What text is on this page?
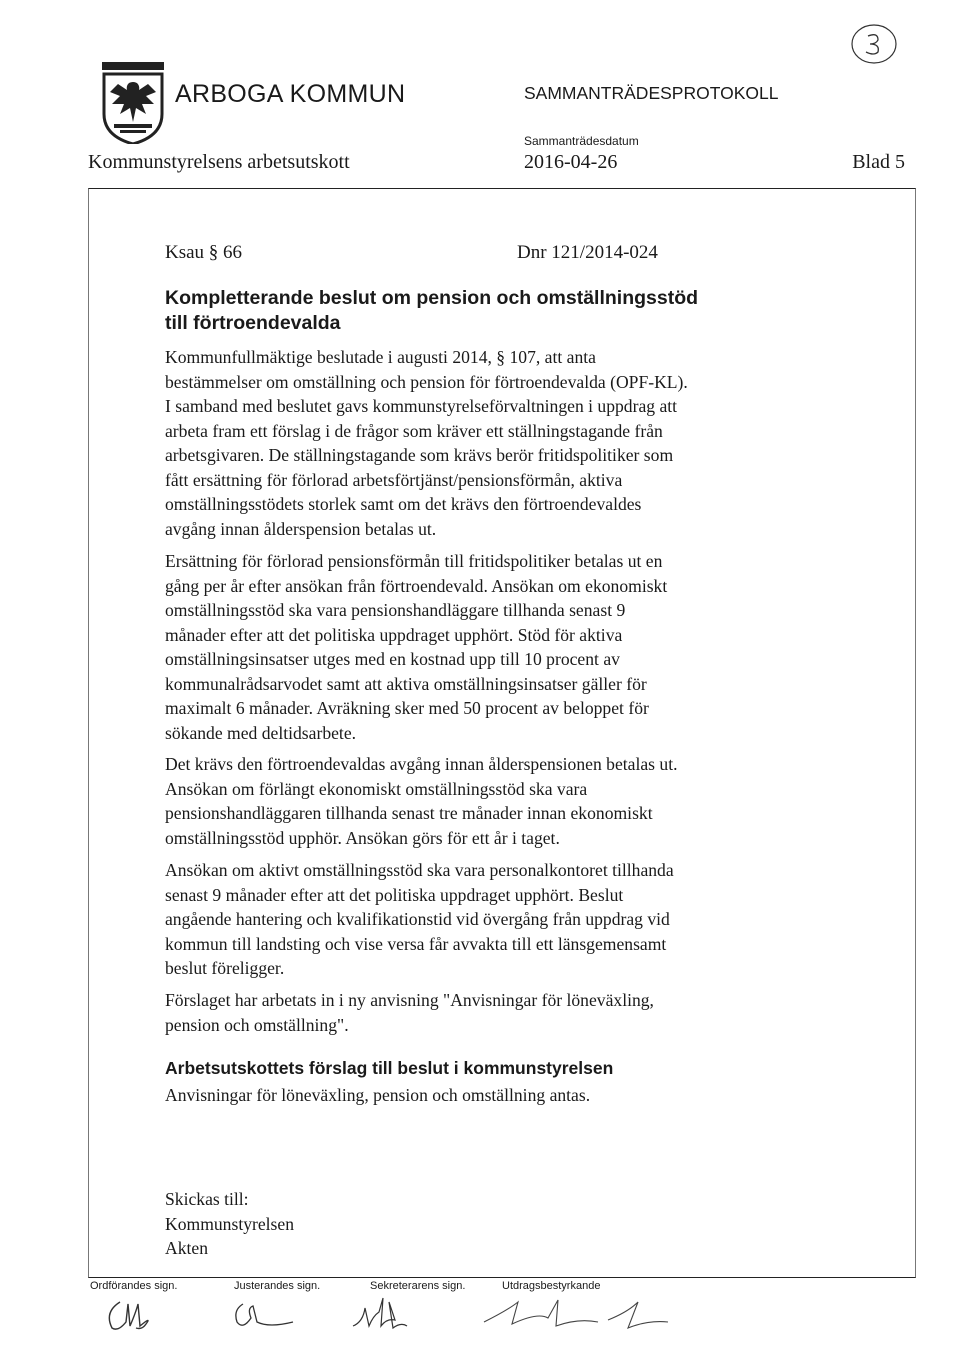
ARBOGA KOMMUN	SAMMANTRÄDESPROTOKOLL
Sammanträdesdatum
Kommunstyrelsens arbetsutskott	2016-04-26	Blad 5
Ksau § 66	Dnr 121/2014-024
Kompletterande beslut om pension och omställningsstöd
till förtroendevalda
Kommunfullmäktige beslutade i augusti 2014, § 107, att anta
bestämmelser om omställning och pension för förtroendevalda (OPF-KL).
I samband med beslutet gavs kommunstyrelseförvaltningen i uppdrag att
arbeta fram ett förslag i de frågor som kräver ett ställningstagande från
arbetsgivaren. De ställningstagande som krävs berör fritidspolitiker som
fått ersättning för förlorad arbetsförtjänst/pensionsförmån, aktiva
omställningsstödets storlek samt om det krävs den förtroendevaldes
avgång innan ålderspension betalas ut.
Ersättning för förlorad pensionsförmån till fritidspolitiker betalas ut en
gång per år efter ansökan från förtroendevald. Ansökan om ekonomiskt
omställningsstöd ska vara pensionshandläggare tillhanda senast 9
månader efter att det politiska uppdraget upphört. Stöd för aktiva
omställningsinsatser utges med en kostnad upp till 10 procent av
kommunalrådsarvodet samt att aktiva omställningsinsatser gäller för
maximalt 6 månader. Avräkning sker med 50 procent av beloppet för
sökande med deltidsarbete.
Det krävs den förtroendevaldas avgång innan ålderspensionen betalas ut.
Ansökan om förlängt ekonomiskt omställningsstöd ska vara
pensionshandläggaren tillhanda senast tre månader innan ekonomiskt
omställningsstöd upphör. Ansökan görs för ett år i taget.
Ansökan om aktivt omställningsstöd ska vara personalkontoret tillhanda
senast 9 månader efter att det politiska uppdraget upphört. Beslut
angående hantering och kvalifikationstid vid övergång från uppdrag vid
kommun till landsting och vise versa får avvakta till ett länsgemensamt
beslut föreligger.
Förslaget har arbetats in i ny anvisning "Anvisningar för löneväxling,
pension och omställning".
Arbetsutskottets förslag till beslut i kommunstyrelsen
Anvisningar för löneväxling, pension och omställning antas.
Skickas till:
Kommunstyrelsen
Akten
Ordförandes sign.	Justerandes sign.	Sekreterarens sign.	Utdragsbestyrkande
